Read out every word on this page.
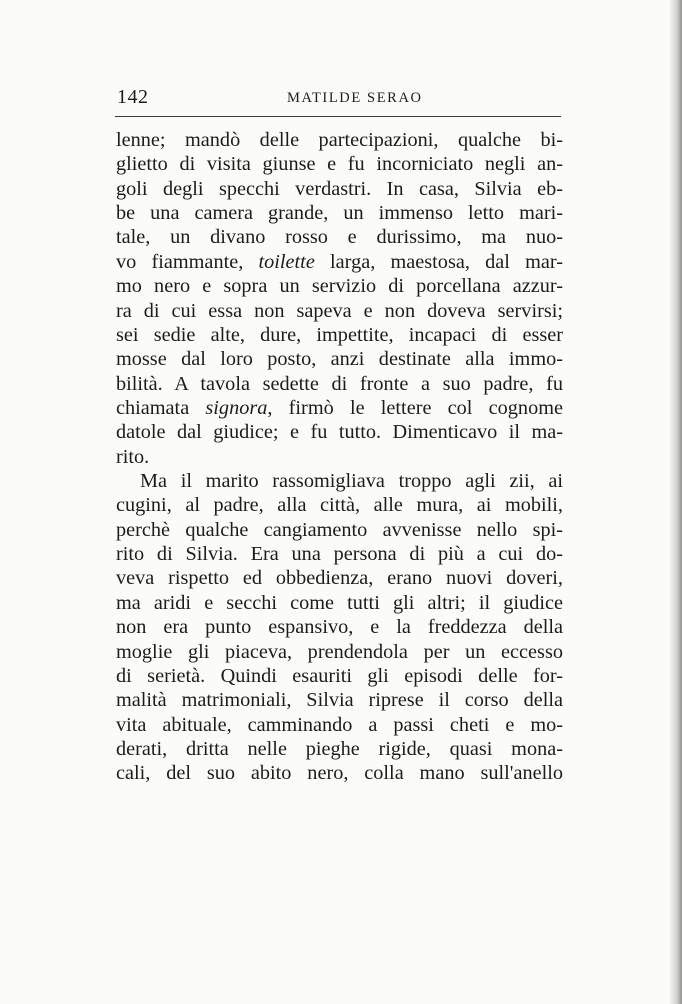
142	MATILDE SERAO
lenne; mandò delle partecipazioni, qualche bi-
glietto di visita giunse e fu incorniciato negli an-
goli degli specchi verdastri. In casa, Silvia eb-
be una camera grande, un immenso letto mari-
tale, un divano rosso e durissimo, ma nuo-
vo fiammante, toilette larga, maestosa, dal mar-
mo nero e sopra un servizio di porcellana azzur-
ra di cui essa non sapeva e non doveva servirsi;
sei sedie alte, dure, impettite, incapaci di esser
mosse dal loro posto, anzi destinate alla immo-
bilità. A tavola sedette di fronte a suo padre, fu
chiamata signora, firmò le lettere col cognome
datole dal giudice; e fu tutto. Dimenticavo il ma-
rito.
Ma il marito rassomigliava troppo agli zii, ai
cugini, al padre, alla città, alle mura, ai mobili,
perchè qualche cangiamento avvenisse nello spi-
rito di Silvia. Era una persona di più a cui do-
veva rispetto ed obbedienza, erano nuovi doveri,
ma aridi e secchi come tutti gli altri; il giudice
non era punto espansivo, e la freddezza della
moglie gli piaceva, prendendola per un eccesso
di serietà. Quindi esauriti gli episodi delle for-
malità matrimoniali, Silvia riprese il corso della
vita abituale, camminando a passi cheti e mo-
derati, dritta nelle pieghe rigide, quasi mona-
cali, del suo abito nero, colla mano sull'anello
